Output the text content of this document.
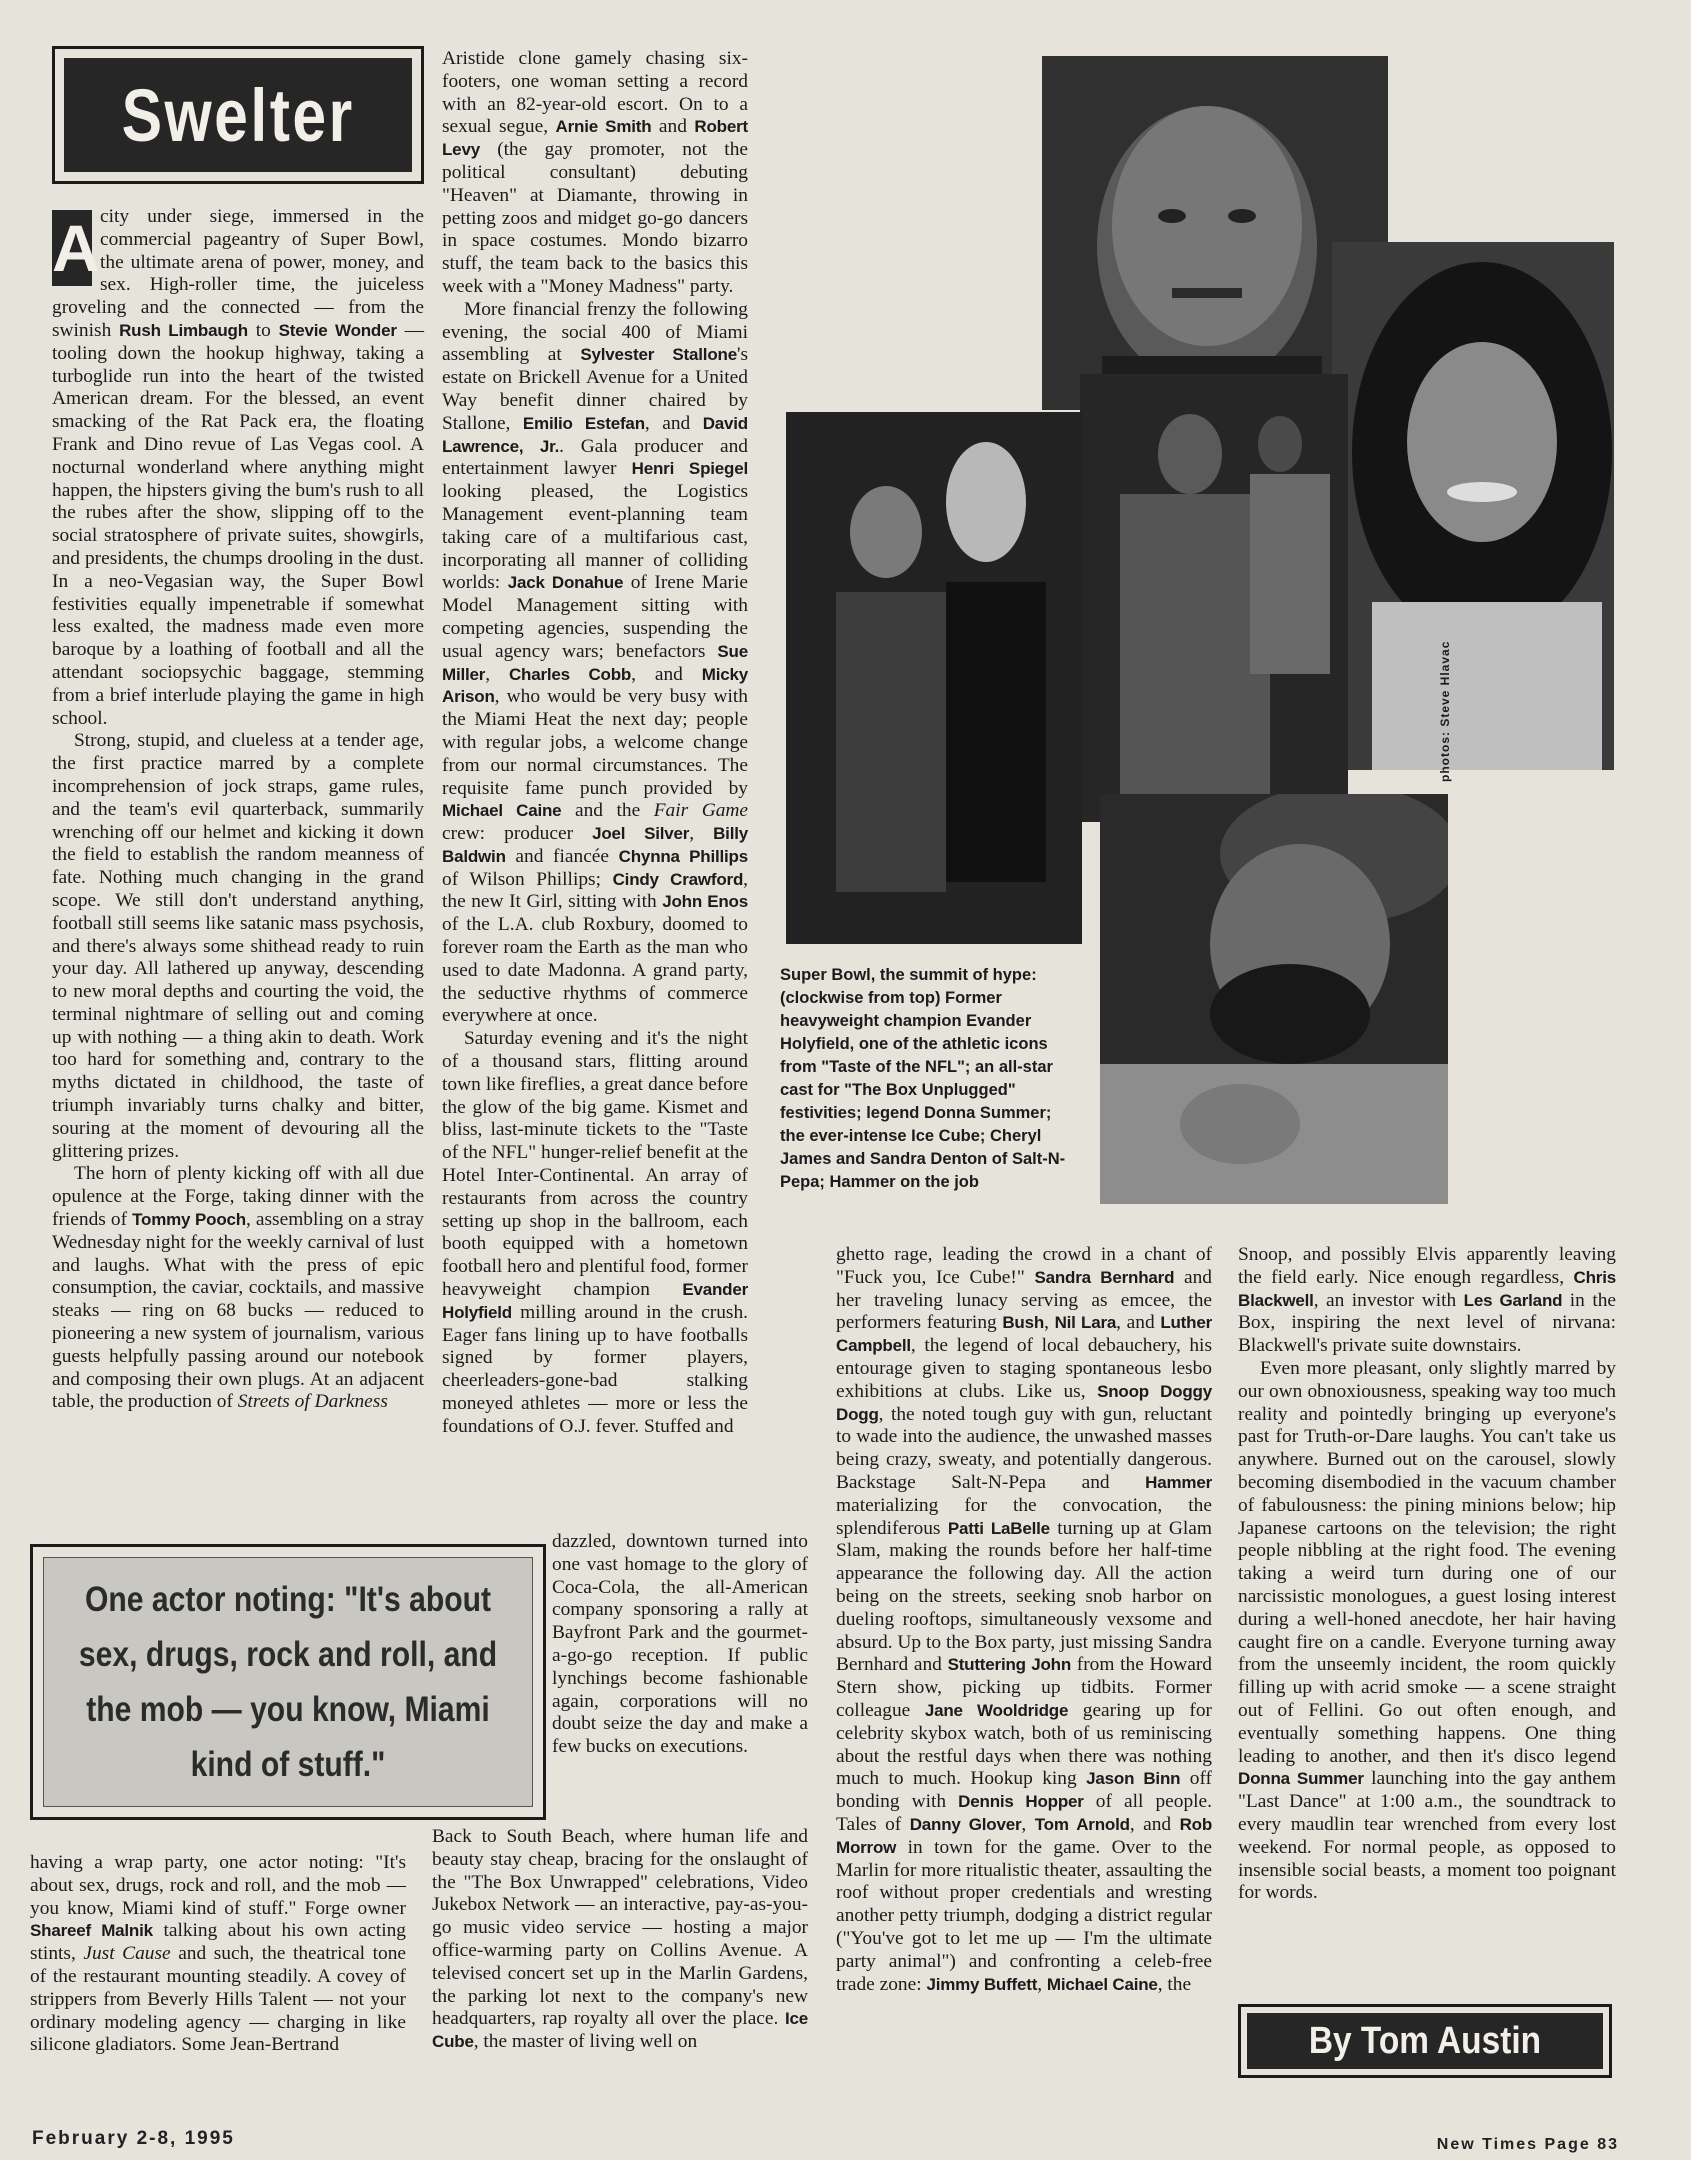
Swelter

A city under siege, immersed in the commercial pageantry of Super Bowl, the ultimate arena of power, money, and sex. High-roller time, the juiceless groveling and the connected — from the swinish Rush Limbaugh to Stevie Wonder — tooling down the hookup highway, taking a turboglide run into the heart of the twisted American dream. For the blessed, an event smacking of the Rat Pack era, the floating Frank and Dino revue of Las Vegas cool. A nocturnal wonderland where anything might happen, the hipsters giving the bum's rush to all the rubes after the show, slipping off to the social stratosphere of private suites, showgirls, and presidents, the chumps drooling in the dust. In a neo-Vegasian way, the Super Bowl festivities equally impenetrable if somewhat less exalted, the madness made even more baroque by a loathing of football and all the attendant sociopsychic baggage, stemming from a brief interlude playing the game in high school.

Strong, stupid, and clueless at a tender age, the first practice marred by a complete incomprehension of jock straps, game rules, and the team's evil quarterback, summarily wrenching off our helmet and kicking it down the field to establish the random meanness of fate. Nothing much changing in the grand scope. We still don't understand anything, football still seems like satanic mass psychosis, and there's always some shithead ready to ruin your day. All lathered up anyway, descending to new moral depths and courting the void, the terminal nightmare of selling out and coming up with nothing — a thing akin to death. Work too hard for something and, contrary to the myths dictated in childhood, the taste of triumph invariably turns chalky and bitter, souring at the moment of devouring all the glittering prizes.

The horn of plenty kicking off with all due opulence at the Forge, taking dinner with the friends of Tommy Pooch, assembling on a stray Wednesday night for the weekly carnival of lust and laughs. What with the press of epic consumption, the caviar, cocktails, and massive steaks — ring on 68 bucks — reduced to pioneering a new system of journalism, various guests helpfully passing around our notebook and composing their own plugs. At an adjacent table, the production of Streets of Darkness

One actor noting: "It's about sex, drugs, rock and roll, and the mob — you know, Miami kind of stuff."

having a wrap party, one actor noting: "It's about sex, drugs, rock and roll, and the mob — you know, Miami kind of stuff." Forge owner Shareef Malnik talking about his own acting stints, Just Cause and such, the theatrical tone of the restaurant mounting steadily. A covey of strippers from Beverly Hills Talent — not your ordinary modeling agency — charging in like silicone gladiators. Some Jean-Bertrand

Aristide clone gamely chasing six-footers, one woman setting a record with an 82-year-old escort. On to a sexual segue, Arnie Smith and Robert Levy (the gay promoter, not the political consultant) debuting "Heaven" at Diamante, throwing in petting zoos and midget go-go dancers in space costumes. Mondo bizarro stuff, the team back to the basics this week with a "Money Madness" party.

More financial frenzy the following evening, the social 400 of Miami assembling at Sylvester Stallone's estate on Brickell Avenue for a United Way benefit dinner chaired by Stallone, Emilio Estefan, and David Lawrence, Jr.. Gala producer and entertainment lawyer Henri Spiegel looking pleased, the Logistics Management event-planning team taking care of a multifarious cast, incorporating all manner of colliding worlds: Jack Donahue of Irene Marie Model Management sitting with competing agencies, suspending the usual agency wars; benefactors Sue Miller, Charles Cobb, and Micky Arison, who would be very busy with the Miami Heat the next day; people with regular jobs, a welcome change from our normal circumstances. The requisite fame punch provided by Michael Caine and the Fair Game crew: producer Joel Silver, Billy Baldwin and fiancée Chynna Phillips of Wilson Phillips; Cindy Crawford, the new It Girl, sitting with John Enos of the L.A. club Roxbury, doomed to forever roam the Earth as the man who used to date Madonna. A grand party, the seductive rhythms of commerce everywhere at once.

Saturday evening and it's the night of a thousand stars, flitting around town like fireflies, a great dance before the glow of the big game. Kismet and bliss, last-minute tickets to the "Taste of the NFL" hunger-relief benefit at the Hotel Inter-Continental. An array of restaurants from across the country setting up shop in the ballroom, each booth equipped with a hometown football hero and plentiful food, former heavyweight champion Evander Holyfield milling around in the crush. Eager fans lining up to have footballs signed by former players, cheerleaders-gone-bad stalking moneyed athletes — more or less the foundations of O.J. fever. Stuffed and

dazzled, downtown turned into one vast homage to the glory of Coca-Cola, the all-American company sponsoring a rally at Bayfront Park and the gourmet-a-go-go reception. If public lynchings become fashionable again, corporations will no doubt seize the day and make a few bucks on executions.

Back to South Beach, where human life and beauty stay cheap, bracing for the onslaught of the "The Box Unwrapped" celebrations, Video Jukebox Network — an interactive, pay-as-you-go music video service — hosting a major office-warming party on Collins Avenue. A televised concert set up in the Marlin Gardens, the parking lot next to the company's new headquarters, rap royalty all over the place. Ice Cube, the master of living well on

ghetto rage, leading the crowd in a chant of "Fuck you, Ice Cube!" Sandra Bernhard and her traveling lunacy serving as emcee, the performers featuring Bush, Nil Lara, and Luther Campbell, the legend of local debauchery, his entourage given to staging spontaneous lesbo exhibitions at clubs. Like us, Snoop Doggy Dogg, the noted tough guy with gun, reluctant to wade into the audience, the unwashed masses being crazy, sweaty, and potentially dangerous. Backstage Salt-N-Pepa and Hammer materializing for the convocation, the splendiferous Patti LaBelle turning up at Glam Slam, making the rounds before her half-time appearance the following day. All the action being on the streets, seeking snob harbor on dueling rooftops, simultaneously vexsome and absurd. Up to the Box party, just missing Sandra Bernhard and Stuttering John from the Howard Stern show, picking up tidbits. Former colleague Jane Wooldridge gearing up for celebrity skybox watch, both of us reminiscing about the restful days when there was nothing much to much. Hookup king Jason Binn off bonding with Dennis Hopper of all people. Tales of Danny Glover, Tom Arnold, and Rob Morrow in town for the game. Over to the Marlin for more ritualistic theater, assaulting the roof without proper credentials and wresting another petty triumph, dodging a district regular ("You've got to let me up — I'm the ultimate party animal") and confronting a celeb-free trade zone: Jimmy Buffett, Michael Caine, the

Snoop, and possibly Elvis apparently leaving the field early. Nice enough regardless, Chris Blackwell, an investor with Les Garland in the Box, inspiring the next level of nirvana: Blackwell's private suite downstairs.

Even more pleasant, only slightly marred by our own obnoxiousness, speaking way too much reality and pointedly bringing up everyone's past for Truth-or-Dare laughs. You can't take us anywhere. Burned out on the carousel, slowly becoming disembodied in the vacuum chamber of fabulousness: the pining minions below; hip Japanese cartoons on the television; the right people nibbling at the right food. The evening taking a weird turn during one of our narcissistic monologues, a guest losing interest during a well-honed anecdote, her hair having caught fire on a candle. Everyone turning away from the unseemly incident, the room quickly filling up with acrid smoke — a scene straight out of Fellini. Go out often enough, and eventually something happens. One thing leading to another, and then it's disco legend Donna Summer launching into the gay anthem "Last Dance" at 1:00 a.m., the soundtrack to every maudlin tear wrenched from every lost weekend. For normal people, as opposed to insensible social beasts, a moment too poignant for words.

Super Bowl, the summit of hype: (clockwise from top) Former heavyweight champion Evander Holyfield, one of the athletic icons from "Taste of the NFL"; an all-star cast for "The Box Unplugged" festivities; legend Donna Summer; the ever-intense Ice Cube; Cheryl James and Sandra Denton of Salt-N-Pepa; Hammer on the job
photos: Steve Hlavac
By Tom Austin
February 2-8, 1995	New Times Page 83
